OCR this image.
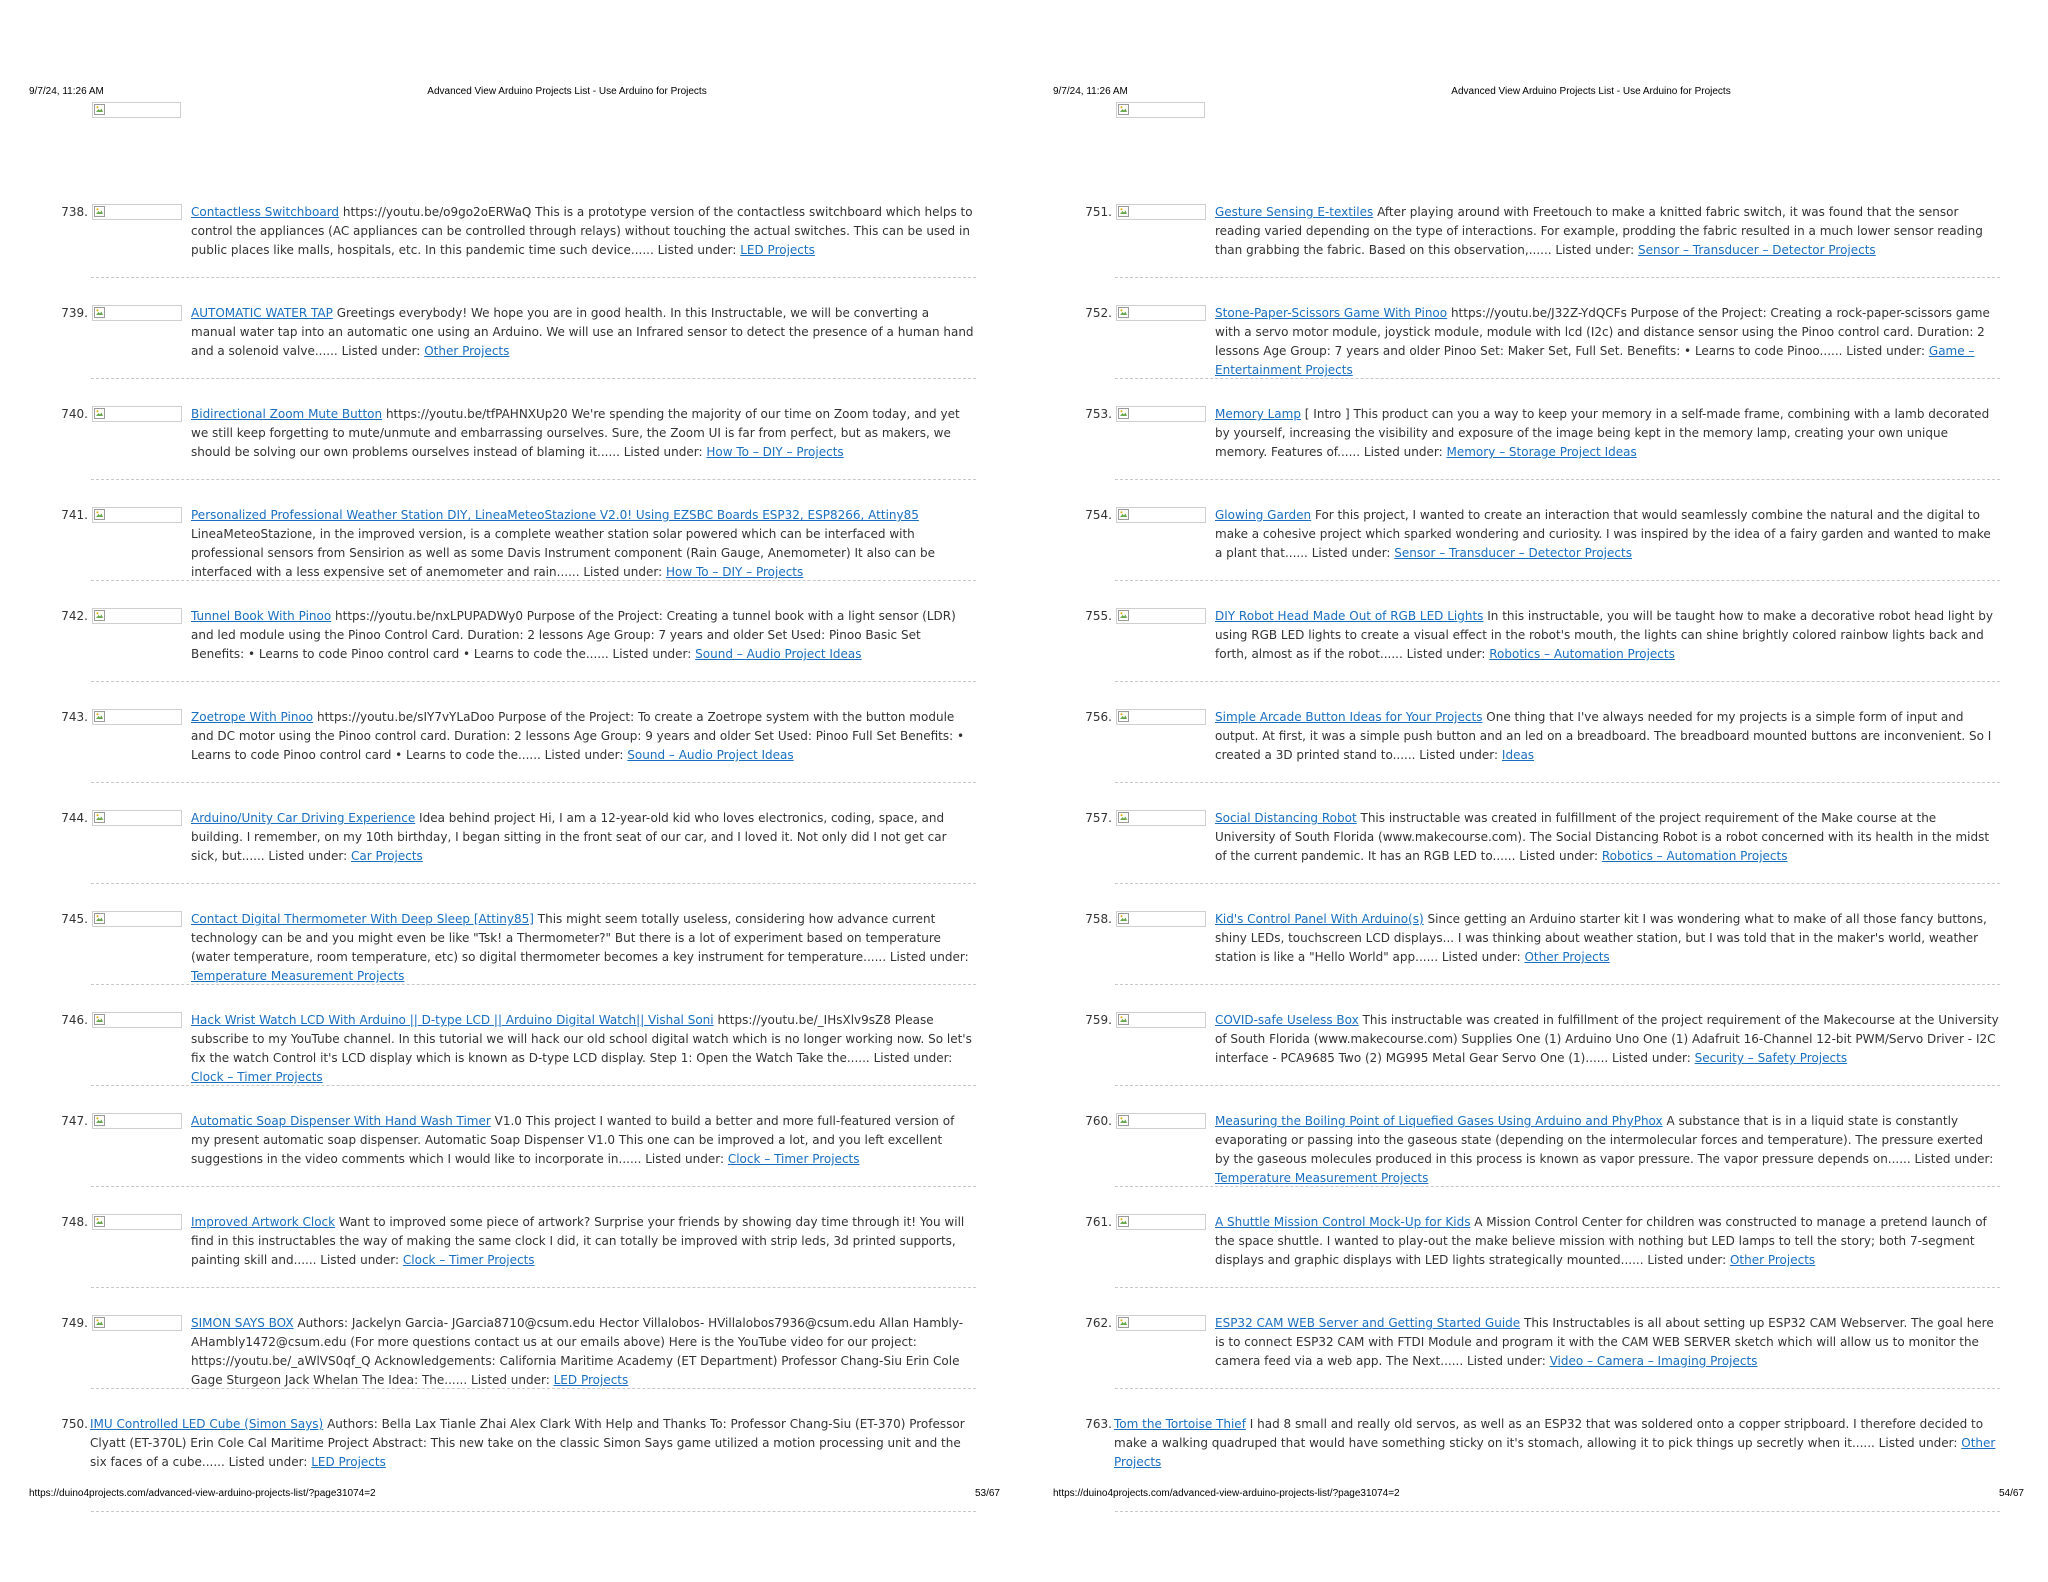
9/7/24, 11:26 AM	Advanced View Arduino Projects List - Use Arduino for Projects
738.	Contactless Switchboard https://youtu.be/o9go2oERWaQ This is a prototype version of the contactless switchboard which helps to control the appliances (AC appliances can be controlled through relays) without touching the actual switches. This can be used in public places like malls, hospitals, etc. In this pandemic time such device...... Listed under: LED Projects
739.	AUTOMATIC WATER TAP Greetings everybody! We hope you are in good health. In this Instructable, we will be converting a manual water tap into an automatic one using an Arduino. We will use an Infrared sensor to detect the presence of a human hand and a solenoid valve...... Listed under: Other Projects
740.	Bidirectional Zoom Mute Button https://youtu.be/tfPAHNXUp20 We're spending the majority of our time on Zoom today, and yet we still keep forgetting to mute/unmute and embarrassing ourselves. Sure, the Zoom UI is far from perfect, but as makers, we should be solving our own problems ourselves instead of blaming it...... Listed under: How To – DIY – Projects
741.	Personalized Professional Weather Station DIY, LineaMeteoStazione V2.0! Using EZSBC Boards ESP32, ESP8266, Attiny85 LineaMeteoStazione, in the improved version, is a complete weather station solar powered which can be interfaced with professional sensors from Sensirion as well as some Davis Instrument component (Rain Gauge, Anemometer) It also can be interfaced with a less expensive set of anemometer and rain...... Listed under: How To – DIY – Projects
742.	Tunnel Book With Pinoo https://youtu.be/nxLPUPADWy0 Purpose of the Project: Creating a tunnel book with a light sensor (LDR) and led module using the Pinoo Control Card. Duration: 2 lessons Age Group: 7 years and older Set Used: Pinoo Basic Set Benefits: • Learns to code Pinoo control card • Learns to code the...... Listed under: Sound – Audio Project Ideas
743.	Zoetrope With Pinoo https://youtu.be/sIY7vYLaDoo Purpose of the Project: To create a Zoetrope system with the button module and DC motor using the Pinoo control card. Duration: 2 lessons Age Group: 9 years and older Set Used: Pinoo Full Set Benefits: • Learns to code Pinoo control card • Learns to code the...... Listed under: Sound – Audio Project Ideas
744.	Arduino/Unity Car Driving Experience Idea behind project Hi, I am a 12-year-old kid who loves electronics, coding, space, and building. I remember, on my 10th birthday, I began sitting in the front seat of our car, and I loved it. Not only did I not get car sick, but...... Listed under: Car Projects
745.	Contact Digital Thermometer With Deep Sleep [Attiny85] This might seem totally useless, considering how advance current technology can be and you might even be like "Tsk! a Thermometer?" But there is a lot of experiment based on temperature (water temperature, room temperature, etc) so digital thermometer becomes a key instrument for temperature...... Listed under: Temperature Measurement Projects
746.	Hack Wrist Watch LCD With Arduino || D-type LCD || Arduino Digital Watch|| Vishal Soni https://youtu.be/_IHsXlv9sZ8 Please subscribe to my YouTube channel. In this tutorial we will hack our old school digital watch which is no longer working now. So let's fix the watch Control it's LCD display which is known as D-type LCD display. Step 1: Open the Watch Take the...... Listed under: Clock – Timer Projects
747.	Automatic Soap Dispenser With Hand Wash Timer V1.0 This project I wanted to build a better and more full-featured version of my present automatic soap dispenser. Automatic Soap Dispenser V1.0 This one can be improved a lot, and you left excellent suggestions in the video comments which I would like to incorporate in...... Listed under: Clock – Timer Projects
748.	Improved Artwork Clock Want to improved some piece of artwork? Surprise your friends by showing day time through it! You will find in this instructables the way of making the same clock I did, it can totally be improved with strip leds, 3d printed supports, painting skill and...... Listed under: Clock – Timer Projects
749.	SIMON SAYS BOX Authors: Jackelyn Garcia- JGarcia8710@csum.edu Hector Villalobos- HVillalobos7936@csum.edu Allan Hambly-AHambly1472@csum.edu (For more questions contact us at our emails above) Here is the YouTube video for our project: https://youtu.be/_aWlVS0qf_Q Acknowledgements: California Maritime Academy (ET Department) Professor Chang-Siu Erin Cole Gage Sturgeon Jack Whelan The Idea: The...... Listed under: LED Projects
750. IMU Controlled LED Cube (Simon Says) Authors: Bella Lax Tianle Zhai Alex Clark With Help and Thanks To: Professor Chang-Siu (ET-370) Professor Clyatt (ET-370L) Erin Cole Cal Maritime Project Abstract: This new take on the classic Simon Says game utilized a motion processing unit and the six faces of a cube...... Listed under: LED Projects
https://duino4projects.com/advanced-view-arduino-projects-list/?page31074=2	53/67
9/7/24, 11:26 AM	Advanced View Arduino Projects List - Use Arduino for Projects
751.	Gesture Sensing E-textiles After playing around with Freetouch to make a knitted fabric switch, it was found that the sensor reading varied depending on the type of interactions. For example, prodding the fabric resulted in a much lower sensor reading than grabbing the fabric. Based on this observation,...... Listed under: Sensor – Transducer – Detector Projects
752.	Stone-Paper-Scissors Game With Pinoo https://youtu.be/J32Z-YdQCFs Purpose of the Project: Creating a rock-paper-scissors game with a servo motor module, joystick module, module with lcd (I2c) and distance sensor using the Pinoo control card. Duration: 2 lessons Age Group: 7 years and older Pinoo Set: Maker Set, Full Set. Benefits: • Learns to code Pinoo...... Listed under: Game – Entertainment Projects
753.	Memory Lamp [ Intro ] This product can you a way to keep your memory in a self-made frame, combining with a lamb decorated by yourself, increasing the visibility and exposure of the image being kept in the memory lamp, creating your own unique memory. Features of...... Listed under: Memory – Storage Project Ideas
754.	Glowing Garden For this project, I wanted to create an interaction that would seamlessly combine the natural and the digital to make a cohesive project which sparked wondering and curiosity. I was inspired by the idea of a fairy garden and wanted to make a plant that...... Listed under: Sensor – Transducer – Detector Projects
755.	DIY Robot Head Made Out of RGB LED Lights In this instructable, you will be taught how to make a decorative robot head light by using RGB LED lights to create a visual effect in the robot's mouth, the lights can shine brightly colored rainbow lights back and forth, almost as if the robot...... Listed under: Robotics – Automation Projects
756.	Simple Arcade Button Ideas for Your Projects One thing that I've always needed for my projects is a simple form of input and output. At first, it was a simple push button and an led on a breadboard. The breadboard mounted buttons are inconvenient. So I created a 3D printed stand to...... Listed under: Ideas
757.	Social Distancing Robot This instructable was created in fulfillment of the project requirement of the Make course at the University of South Florida (www.makecourse.com). The Social Distancing Robot is a robot concerned with its health in the midst of the current pandemic. It has an RGB LED to...... Listed under: Robotics – Automation Projects
758.	Kid's Control Panel With Arduino(s) Since getting an Arduino starter kit I was wondering what to make of all those fancy buttons, shiny LEDs, touchscreen LCD displays... I was thinking about weather station, but I was told that in the maker's world, weather station is like a "Hello World" app...... Listed under: Other Projects
759.	COVID-safe Useless Box This instructable was created in fulfillment of the project requirement of the Makecourse at the University of South Florida (www.makecourse.com) Supplies One (1) Arduino Uno One (1) Adafruit 16-Channel 12-bit PWM/Servo Driver - I2C interface - PCA9685 Two (2) MG995 Metal Gear Servo One (1)...... Listed under: Security – Safety Projects
760.	Measuring the Boiling Point of Liquefied Gases Using Arduino and PhyPhox A substance that is in a liquid state is constantly evaporating or passing into the gaseous state (depending on the intermolecular forces and temperature). The pressure exerted by the gaseous molecules produced in this process is known as vapor pressure. The vapor pressure depends on...... Listed under: Temperature Measurement Projects
761.	A Shuttle Mission Control Mock-Up for Kids A Mission Control Center for children was constructed to manage a pretend launch of the space shuttle. I wanted to play-out the make believe mission with nothing but LED lamps to tell the story; both 7-segment displays and graphic displays with LED lights strategically mounted...... Listed under: Other Projects
762.	ESP32 CAM WEB Server and Getting Started Guide This Instructables is all about setting up ESP32 CAM Webserver. The goal here is to connect ESP32 CAM with FTDI Module and program it with the CAM WEB SERVER sketch which will allow us to monitor the camera feed via a web app. The Next...... Listed under: Video – Camera – Imaging Projects
763. Tom the Tortoise Thief I had 8 small and really old servos, as well as an ESP32 that was soldered onto a copper stripboard. I therefore decided to make a walking quadruped that would have something sticky on it's stomach, allowing it to pick things up secretly when it...... Listed under: Other Projects
https://duino4projects.com/advanced-view-arduino-projects-list/?page31074=2	54/67
